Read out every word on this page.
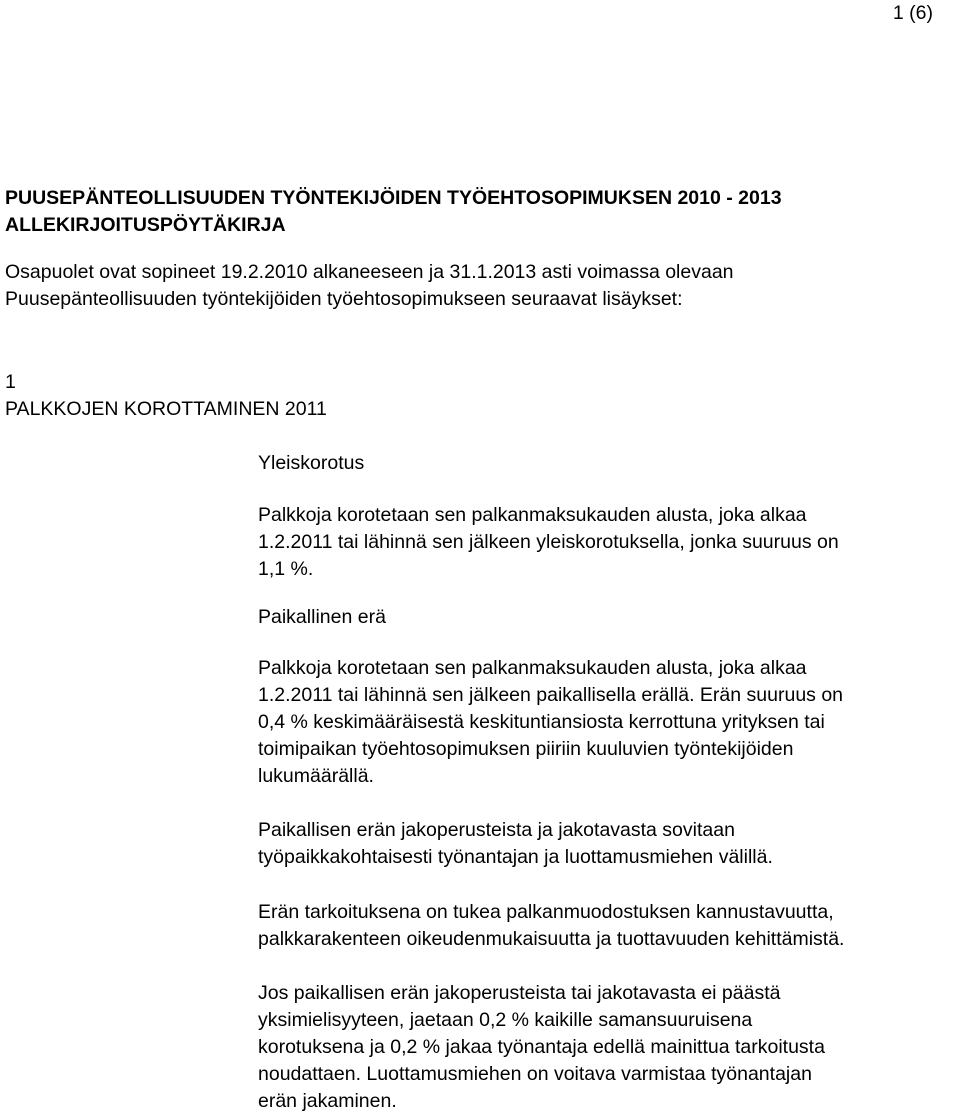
1 (6)
PUUSEPÄNTEOLLISUUDEN TYÖNTEKIJÖIDEN TYÖEHTOSOPIMUKSEN 2010 - 2013
ALLEKIRJOITUSPÖYTÄKIRJA

Osapuolet ovat sopineet 19.2.2010 alkaneeseen ja 31.1.2013 asti voimassa olevaan
Puusepänteollisuuden työntekijöiden työehtosopimukseen seuraavat lisäykset:

1
PALKKOJEN KOROTTAMINEN 2011
Yleiskorotus

Palkkoja korotetaan sen palkanmaksukauden alusta, joka alkaa
1.2.2011 tai lähinnä sen jälkeen yleiskorotuksella, jonka suuruus on
1,1 %.

Paikallinen erä

Palkkoja korotetaan sen palkanmaksukauden alusta, joka alkaa
1.2.2011 tai lähinnä sen jälkeen paikallisella erällä. Erän suuruus on
0,4 % keskimääräisestä keskituntiansiosta kerrottuna yrityksen tai
toimipaikan työehtosopimuksen piiriin kuuluvien työntekijöiden
lukumäärällä.

Paikallisen erän jakoperusteista ja jakotavasta sovitaan
työpaikkakohtaisesti työnantajan ja luottamusmiehen välillä.

Erän tarkoituksena on tukea palkanmuodostuksen kannustavuutta,
palkkarakenteen oikeudenmukaisuutta ja tuottavuuden kehittämistä.

Jos paikallisen erän jakoperusteista tai jakotavasta ei päästä
yksimielisyyteen, jaetaan 0,2 % kaikille samansuuruisena
korotuksena ja 0,2 % jakaa työnantaja edellä mainittua tarkoitusta
noudattaen. Luottamusmiehen on voitava varmistaa työnantajan
erän jakaminen.
